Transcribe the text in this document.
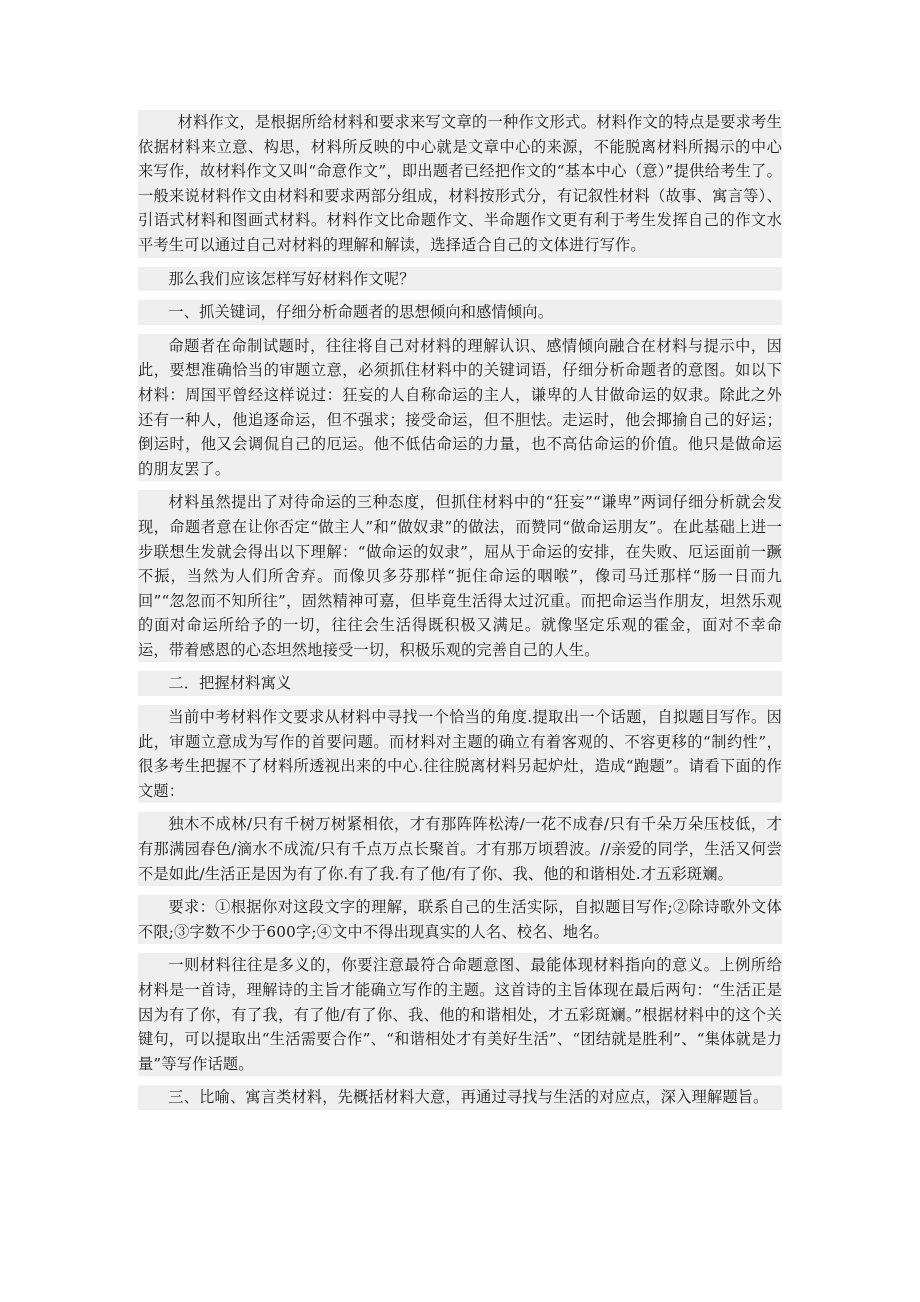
材料作文，是根据所给材料和要求来写文章的一种作文形式。材料作文的特点是要求考生依据材料来立意、构思，材料所反映的中心就是文章中心的来源，不能脱离材料所揭示的中心来写作，故材料作文又叫“命意作文”，即出题者已经把作文的“基本中心（意）”提供给考生了。一般来说材料作文由材料和要求两部分组成，材料按形式分，有记叙性材料（故事、寓言等）、引语式材料和图画式材料。材料作文比命题作文、半命题作文更有利于考生发挥自己的作文水平考生可以通过自己对材料的理解和解读，选择适合自己的文体进行写作。

那么我们应该怎样写好材料作文呢？

一、抓关键词，仔细分析命题者的思想倾向和感情倾向。

命题者在命制试题时，往往将自己对材料的理解认识、感情倾向融合在材料与提示中，因此，要想准确恰当的审题立意，必须抓住材料中的关键词语，仔细分析命题者的意图。如以下材料：周国平曾经这样说过：狂妄的人自称命运的主人，谦卑的人甘做命运的奴隶。除此之外还有一种人，他追逐命运，但不强求；接受命运，但不胆怯。走运时，他会揶揄自己的好运；倒运时，他又会调侃自己的厄运。他不低估命运的力量，也不高估命运的价值。他只是做命运的朋友罢了。

材料虽然提出了对待命运的三种态度，但抓住材料中的“狂妄”“谦卑”两词仔细分析就会发现，命题者意在让你否定“做主人”和“做奴隶”的做法，而赞同“做命运朋友”。在此基础上进一步联想生发就会得出以下理解：“做命运的奴隶”，屈从于命运的安排，在失败、厄运面前一蹶不振，当然为人们所舍弃。而像贝多芬那样“扼住命运的咽喉”，像司马迁那样“肠一日而九回”“忽忽而不知所往”，固然精神可嘉，但毕竟生活得太过沉重。而把命运当作朋友，坦然乐观的面对命运所给予的一切，往往会生活得既积极又满足。就像坚定乐观的霍金，面对不幸命运，带着感恩的心态坦然地接受一切，积极乐观的完善自己的人生。

二．把握材料寓义

当前中考材料作文要求从材料中寻找一个恰当的角度.提取出一个话题，自拟题目写作。因此，审题立意成为写作的首要问题。而材料对主题的确立有着客观的、不容更移的“制约性”，很多考生把握不了材料所透视出来的中心.往往脱离材料另起炉灶，造成“跑题”。请看下面的作文题：

独木不成林/只有千树万树紧相依，才有那阵阵松涛/一花不成春/只有千朵万朵压枝低，才有那满园春色/滴水不成流/只有千点万点长聚首。才有那万顷碧波。//亲爱的同学，生活又何尝不是如此/生活正是因为有了你.有了我.有了他/有了你、我、他的和谐相处.才五彩斑斓。

要求：①根据你对这段文字的理解，联系自己的生活实际，自拟题目写作;②除诗歌外文体不限;③字数不少于600字;④文中不得出现真实的人名、校名、地名。

一则材料往往是多义的，你要注意最符合命题意图、最能体现材料指向的意义。上例所给材料是一首诗，理解诗的主旨才能确立写作的主题。这首诗的主旨体现在最后两句：“生活正是因为有了你，有了我，有了他/有了你、我、他的和谐相处，才五彩斑斓。”根据材料中的这个关键句，可以提取出“生活需要合作”、“和谐相处才有美好生活”、“团结就是胜利”、“集体就是力量”等写作话题。

三、比喻、寓言类材料，先概括材料大意，再通过寻找与生活的对应点，深入理解题旨。
